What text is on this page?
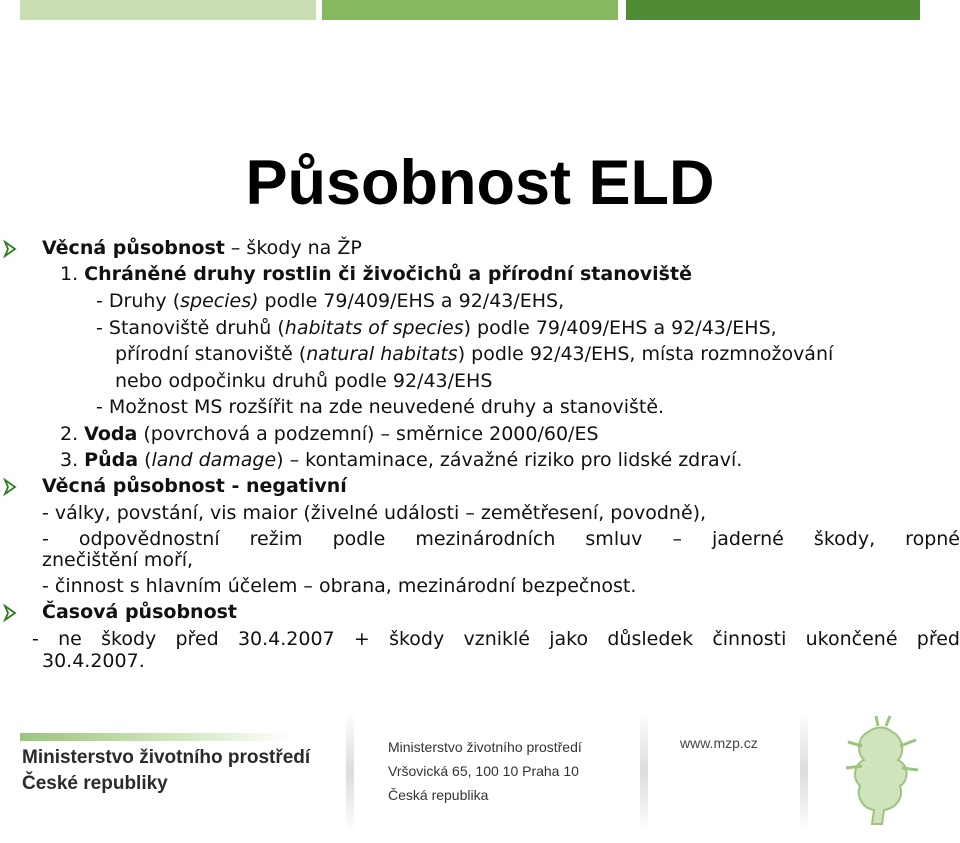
Působnost ELD
Věcná působnost – škody na ŽP
1. Chráněné druhy rostlin či živočichů a přírodní stanoviště
- Druhy (species) podle 79/409/EHS a 92/43/EHS,
- Stanoviště druhů (habitats of species) podle 79/409/EHS a 92/43/EHS,
přírodní stanoviště (natural habitats) podle 92/43/EHS, místa rozmnožování
nebo odpočinku druhů podle 92/43/EHS
- Možnost MS rozšířit na zde neuvedené druhy a stanoviště.
2. Voda (povrchová a podzemní) – směrnice 2000/60/ES
3. Půda (land damage) – kontaminace, závažné riziko pro lidské zdraví.
Věcná působnost - negativní
- války, povstání, vis maior (živelné události – zemětřesení, povodně),
- odpovědnostní režim podle mezinárodních smluv – jaderné škody, ropné
znečištění moří,
- činnost s hlavním účelem – obrana, mezinárodní bezpečnost.
Časová působnost
- ne škody před 30.4.2007 + škody vzniklé jako důsledek činnosti ukončené před
30.4.2007.
Ministerstvo životního prostředí
České republiky
Ministerstvo životního prostředí
Vršovická 65, 100 10 Praha 10
Česká republika
www.mzp.cz
